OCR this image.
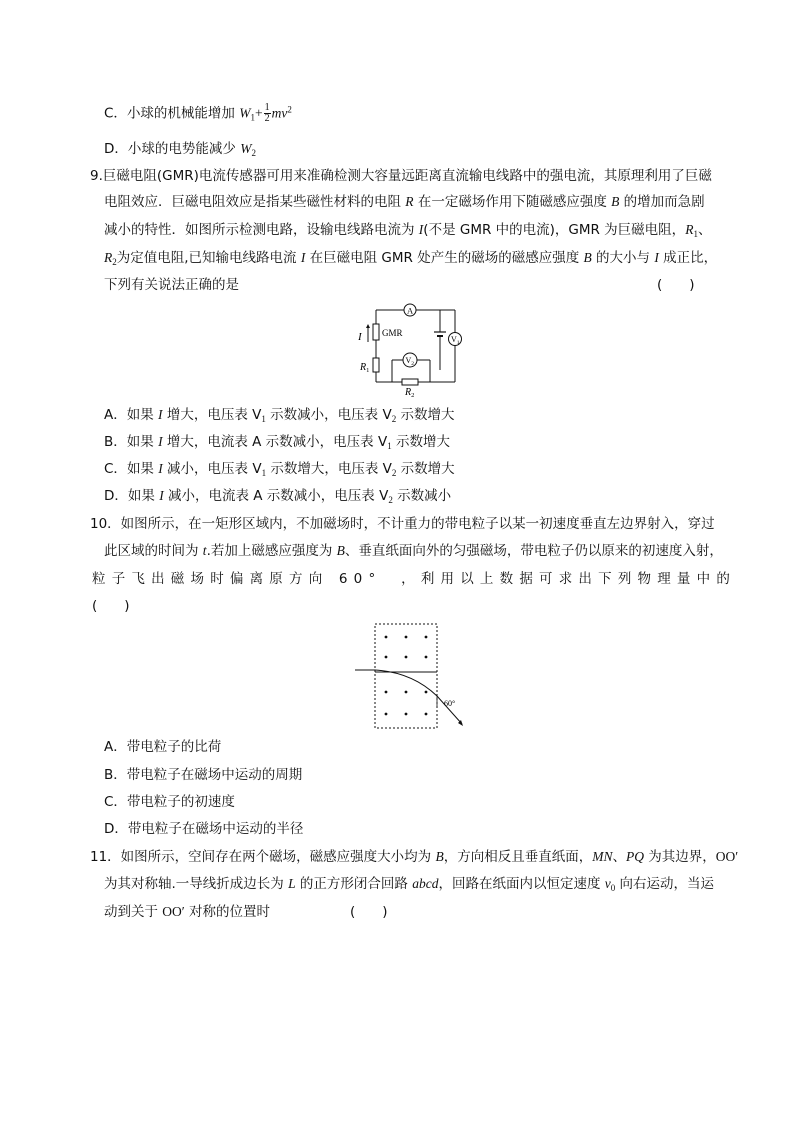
C．小球的机械能增加 $W_1+ \frac{1}{2} mv^2$
D．小球的电势能减少 $W_2$
9.巨磁电阻(GMR)电流传感器可用来准确检测大容量远距离直流输电线路中的强电流，其原理利用了巨磁
电阻效应．巨磁电阻效应是指某些磁性材料的电阻 R 在一定磁场作用下随磁感应强度 B 的增加而急剧
减小的特性．如图所示检测电路，设输电线路电流为 I(不是 GMR 中的电流)，GMR 为巨磁电阻，$R_1$、
$R_2$为定值电阻,已知输电线路电流 I 在巨磁电阻 GMR 处产生的磁场的磁感应强度 B 的大小与 I 成正比，
下列有关说法正确的是	(　　)
I GMR
A
$V_1$
$V_2$
$R_1$
$R_2$
A．如果 I 增大，电压表 $V_1$ 示数减小，电压表 $V_2$ 示数增大
B．如果 I 增大，电流表 A 示数减小，电压表 $V_1$ 示数增大
C．如果 I 减小，电压表 $V_1$ 示数增大，电压表 $V_2$ 示数增大
D．如果 I 减小，电流表 A 示数减小，电压表 $V_2$ 示数减小
10．如图所示，在一矩形区域内，不加磁场时，不计重力的带电粒子以某一初速度垂直左边界射入，穿过
此区域的时间为 t.若加上磁感应强度为 B、垂直纸面向外的匀强磁场，带电粒子仍以原来的初速度入射，
粒子飞出磁场时偏离原方向 60°　，利用以上数据可求出下列物理量中的
(　　)
60°
A．带电粒子的比荷
B．带电粒子在磁场中运动的周期
C．带电粒子的初速度
D．带电粒子在磁场中运动的半径
11．如图所示，空间存在两个磁场，磁感应强度大小均为 B，方向相反且垂直纸面，MN、PQ 为其边界，OO′
为其对称轴.一导线折成边长为 L 的正方形闭合回路 abcd，回路在纸面内以恒定速度 $v_0$ 向右运动，当运
动到关于 OO′ 对称的位置时	(　　)
